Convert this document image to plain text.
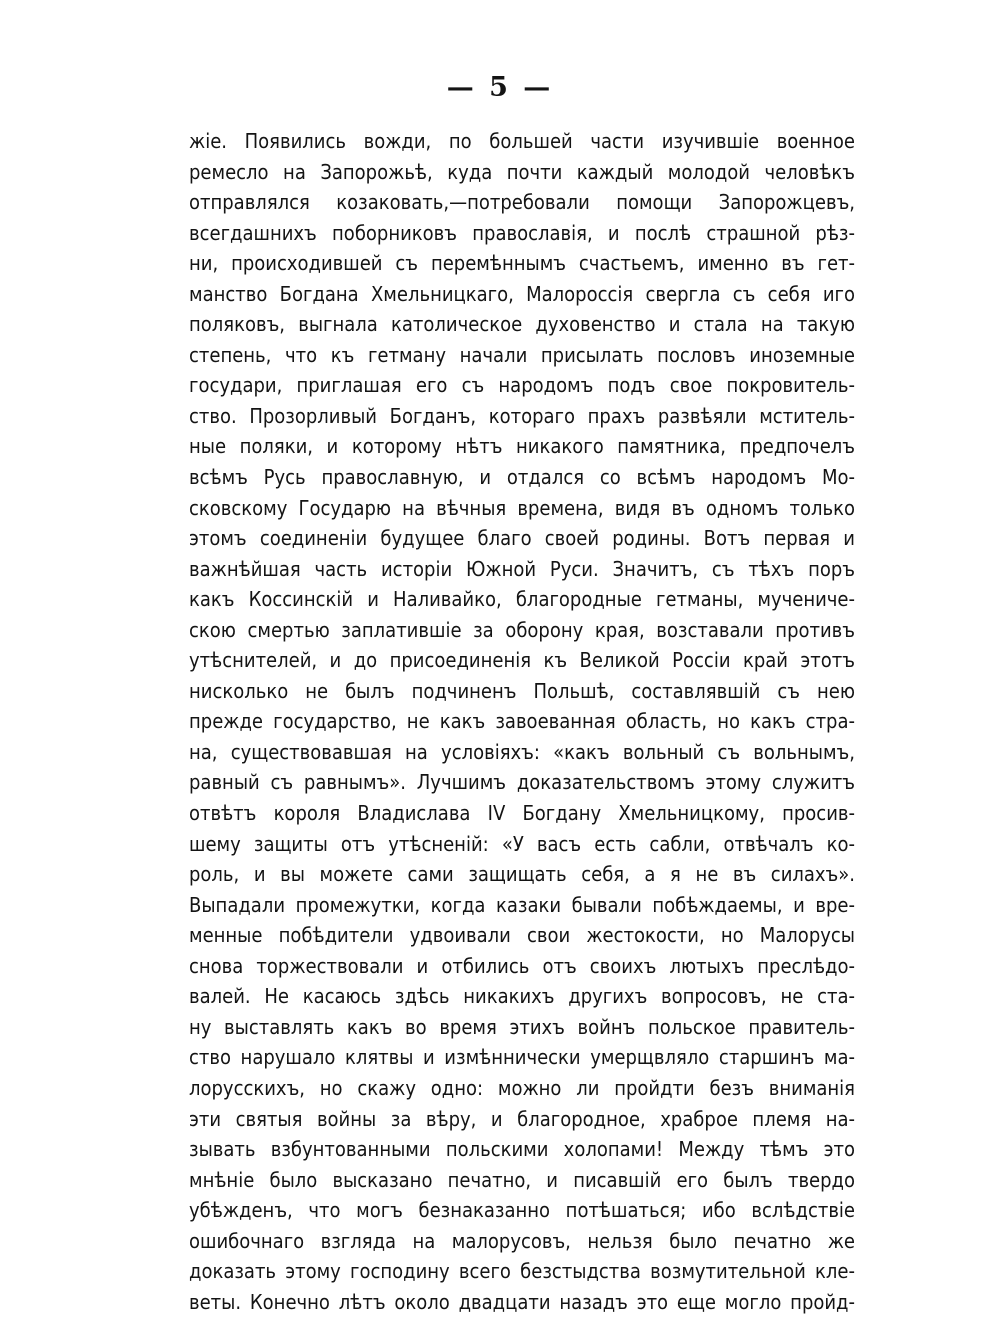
— 5 —
жіе. Появились вожди, по большей части изучившіе военное
ремесло на Запорожьѣ, куда почти каждый молодой человѣкъ
отправлялся козаковать,—потребовали помощи Запорожцевъ,
всегдашнихъ поборниковъ православія, и послѣ страшной рѣз-
ни, происходившей съ перемѣннымъ счастьемъ, именно въ гет-
манство Богдана Хмельницкаго, Малороссія свергла съ себя иго
поляковъ, выгнала католическое духовенство и стала на такую
степень, что къ гетману начали присылать пословъ иноземные
государи, приглашая его съ народомъ подъ свое покровитель-
ство. Прозорливый Богданъ, котораго прахъ развѣяли мститель-
ные поляки, и которому нѣтъ никакого памятника, предпочелъ
всѣмъ Русь православную, и отдался со всѣмъ народомъ Мо-
сковскому Государю на вѣчныя времена, видя въ одномъ только
этомъ соединеніи будущее благо своей родины. Вотъ первая и
важнѣйшая часть исторіи Южной Руси. Значитъ, съ тѣхъ поръ
какъ Коссинскій и Наливайко, благородные гетманы, мучениче-
скою смертью заплатившіе за оборону края, возставали противъ
утѣснителей, и до присоединенія къ Великой Россіи край этотъ
нисколько не былъ подчиненъ Польшѣ, составлявшій съ нею
прежде государство, не какъ завоеванная область, но какъ стра-
на, существовавшая на условіяхъ: «какъ вольный съ вольнымъ,
равный съ равнымъ». Лучшимъ доказательствомъ этому служитъ
отвѣтъ короля Владислава IV Богдану Хмельницкому, просив-
шему защиты отъ утѣсненій: «У васъ есть сабли, отвѣчалъ ко-
роль, и вы можете сами защищать себя, а я не въ силахъ».
Выпадали промежутки, когда казаки бывали побѣждаемы, и вре-
менные побѣдители удвоивали свои жестокости, но Малорусы
снова торжествовали и отбились отъ своихъ лютыхъ преслѣдо-
валей. Не касаюсь здѣсь никакихъ другихъ вопросовъ, не ста-
ну выставлять какъ во время этихъ войнъ польское правитель-
ство нарушало клятвы и измѣннически умерщвляло старшинъ ма-
лорусскихъ, но скажу одно: можно ли пройдти безъ вниманія
эти святыя войны за вѣру, и благородное, храброе племя на-
зывать взбунтованными польскими холопами! Между тѣмъ это
мнѣніе было высказано печатно, и писавшій его былъ твердо
убѣжденъ, что могъ безнаказанно потѣшаться; ибо вслѣдствіе
ошибочнаго взгляда на малорусовъ, нельзя было печатно же
доказать этому господину всего безстыдства возмутительной кле-
веты. Конечно лѣтъ около двадцати назадъ это еще могло пройд-
